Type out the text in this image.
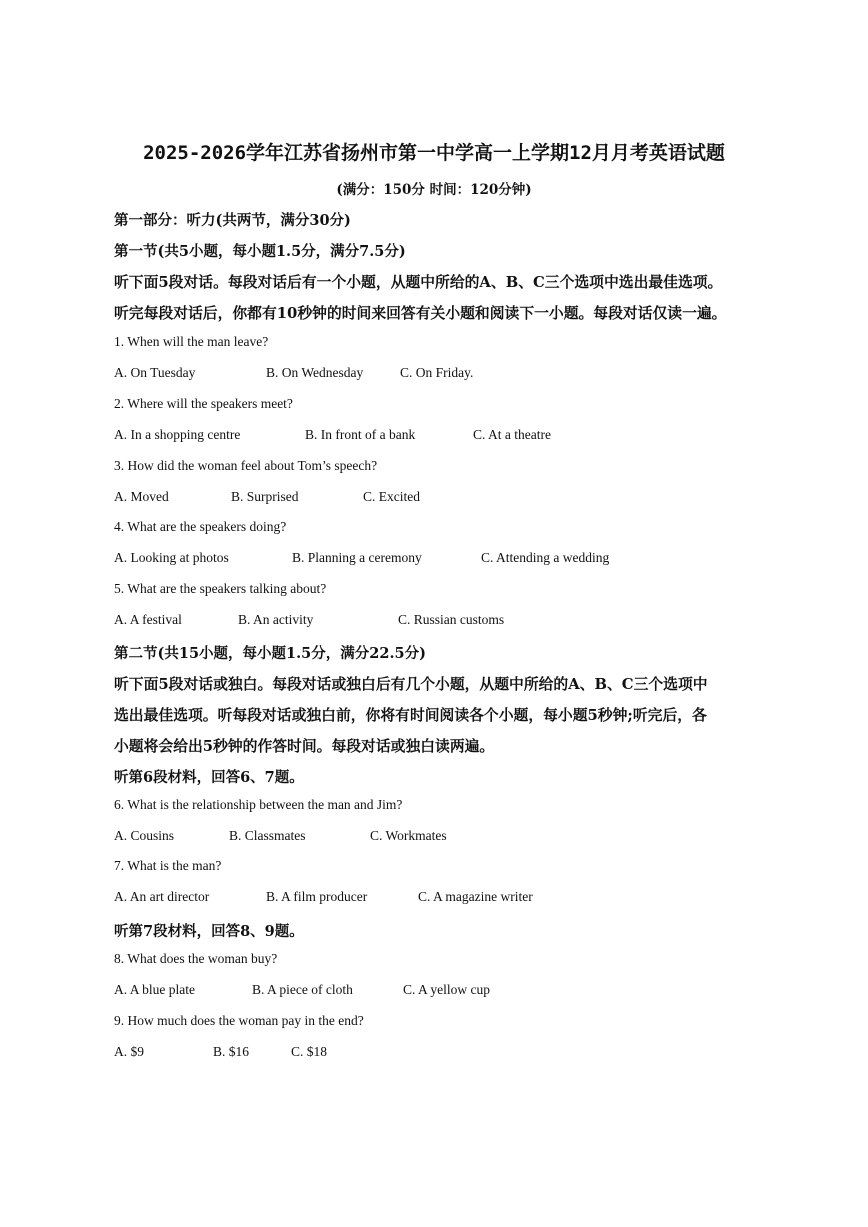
2025-2026学年江苏省扬州市第一中学高一上学期12月月考英语试题
(满分：150分 时间：120分钟)
第一部分：听力(共两节，满分30分)
第一节(共5小题，每小题1.5分，满分7.5分)
听下面5段对话。每段对话后有一个小题，从题中所给的A、B、C三个选项中选出最佳选项。
听完每段对话后，你都有10秒钟的时间来回答有关小题和阅读下一小题。每段对话仅读一遍。
1. When will the man leave?
A. On Tuesday	B. On Wednesday	C. On Friday.
2. Where will the speakers meet?
A. In a shopping centre	B. In front of a bank	C. At a theatre
3. How did the woman feel about Tom’s speech?
A. Moved	B. Surprised	C. Excited
4. What are the speakers doing?
A. Looking at photos	B. Planning a ceremony	C. Attending a wedding
5. What are the speakers talking about?
A. A festival	B. An activity	C. Russian customs
第二节(共15小题，每小题1.5分，满分22.5分)
听下面5段对话或独白。每段对话或独白后有几个小题，从题中所给的A、B、C三个选项中
选出最佳选项。听每段对话或独白前，你将有时间阅读各个小题，每小题5秒钟;听完后，各
小题将会给出5秒钟的作答时间。每段对话或独白读两遍。
听第6段材料，回答6、7题。
6. What is the relationship between the man and Jim?
A. Cousins	B. Classmates	C. Workmates
7. What is the man?
A. An art director	B. A film producer	C. A magazine writer
听第7段材料，回答8、9题。
8. What does the woman buy?
A. A blue plate	B. A piece of cloth	C. A yellow cup
9. How much does the woman pay in the end?
A. $9	B. $16	C. $18
